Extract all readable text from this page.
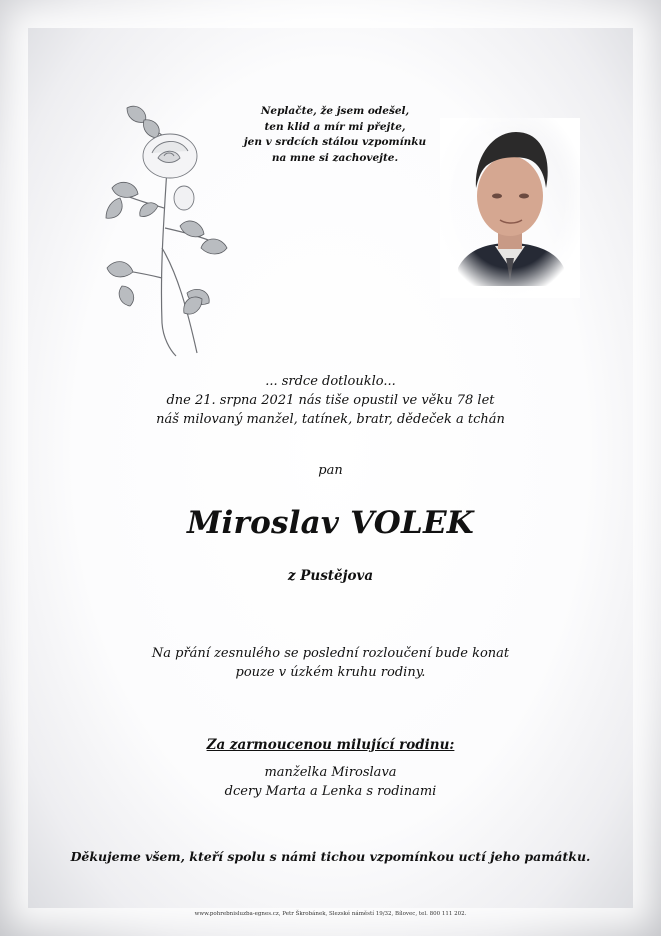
Neplačte, že jsem odešel,
ten klid a mír mi přejte,
jen v srdcích stálou vzpomínku
na mne si zachovejte.
... srdce dotlouklo...
dne 21. srpna 2021 nás tiše opustil ve věku 78 let
náš milovaný manžel, tatínek, bratr, dědeček a tchán
pan
Miroslav VOLEK
z Pustějova
Na přání zesnulého se poslední rozloučení bude konat
pouze v úzkém kruhu rodiny.
Za zarmoucenou milující rodinu:
manželka Miroslava
dcery Marta a Lenka s rodinami
Děkujeme všem, kteří spolu s námi tichou vzpomínkou uctí jeho památku.
www.pohrebnisluzba-egnes.cz, Petr Škrobánek, Slezské náměstí 19/32, Bílovec, tel. 800 111 202.
